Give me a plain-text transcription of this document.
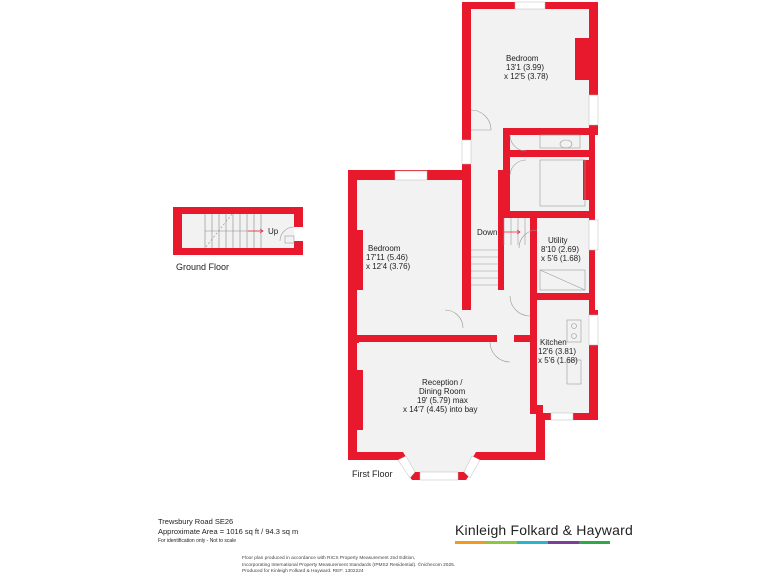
Up
Ground Floor
Bedroom
13'1 (3.99)
x 12'5 (3.78)
Bedroom
17'11 (5.46)
x 12'4 (3.76)
Down
Utility
8'10 (2.69)
x 5'6 (1.68)
Kitchen
12'6 (3.81)
x 5'6 (1.68)
Reception /
Dining Room
19' (5.79) max
x 14'7 (4.45) into bay
First Floor
Trewsbury Road SE26
Approximate Area = 1016 sq ft / 94.3 sq m
For identification only - Not to scale
Kinleigh Folkard & Hayward
Floor plan produced in accordance with RICS Property Measurement 2nd Edition,
Incorporating International Property Measurement Standards (IPMS2 Residential). ©nichecom 2025.
Produced for Kinleigh Folkard & Hayward. REF: 1302224
